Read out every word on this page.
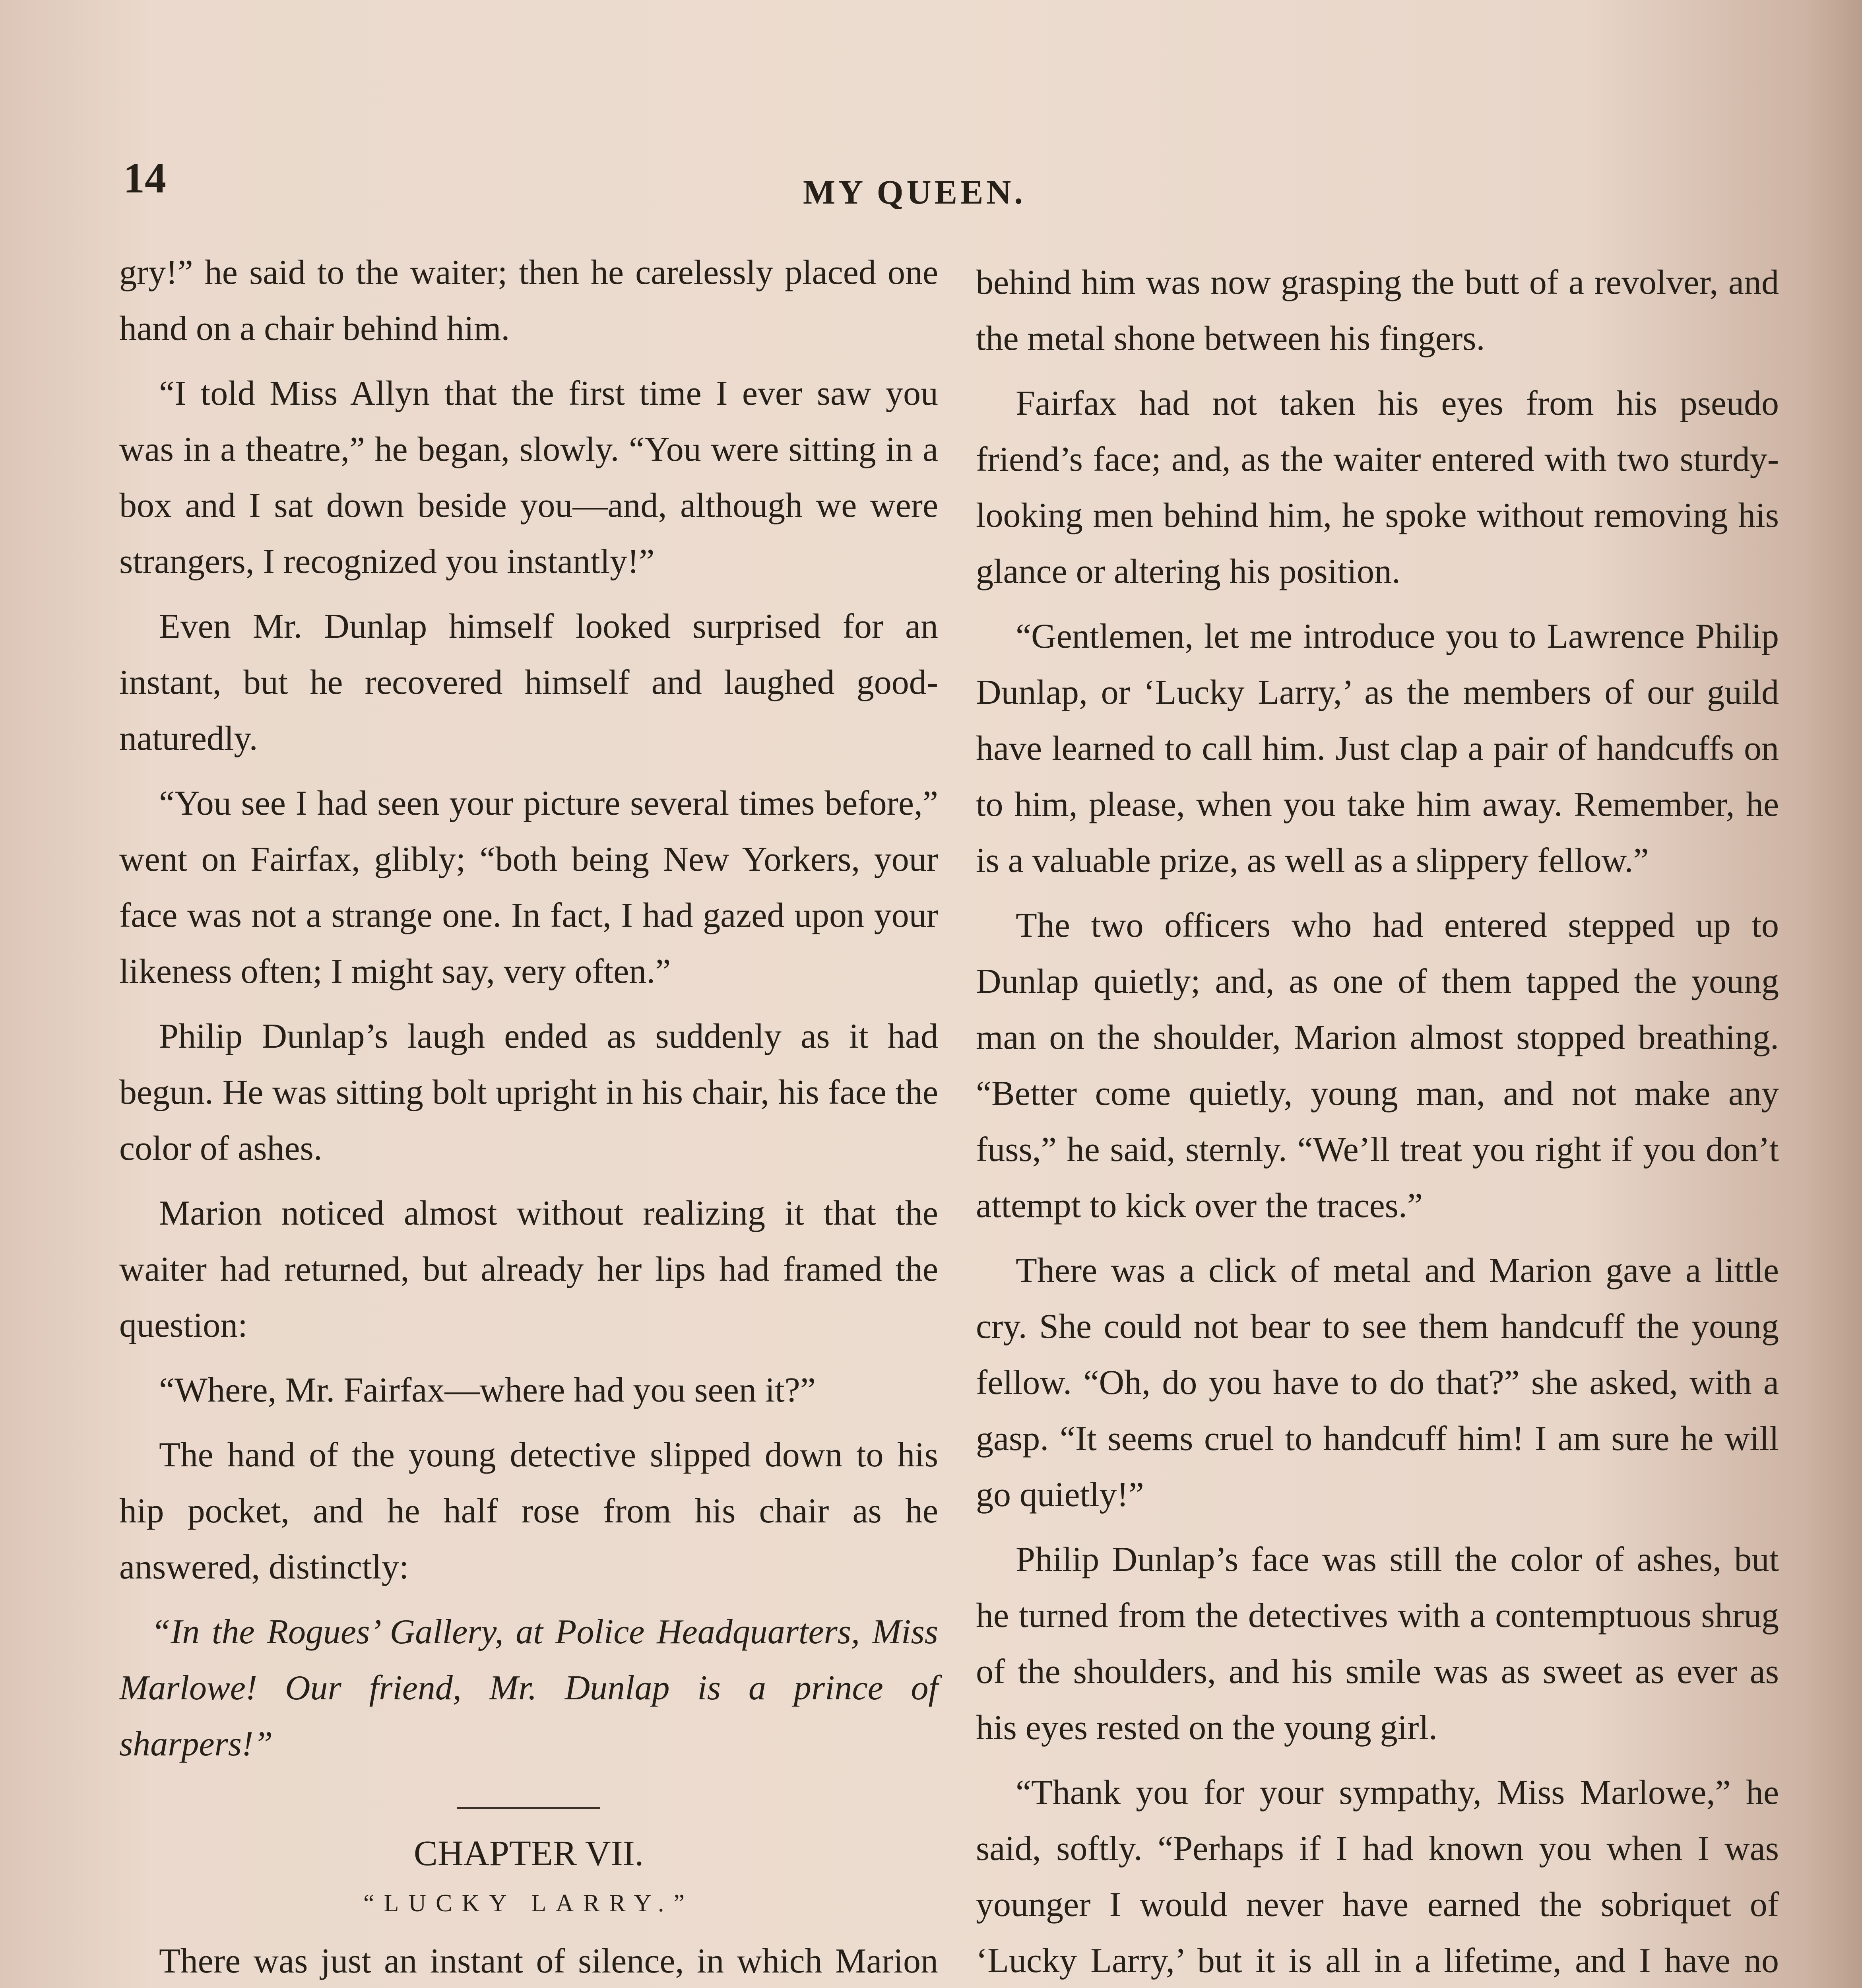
14	MY QUEEN.

gry!” he said to the waiter; then he carelessly placed one hand on a chair behind him.

“I told Miss Allyn that the first time I ever saw you was in a theatre,” he began, slowly. “You were sitting in a box and I sat down beside you—and, although we were strangers, I recognized you instantly!”

Even Mr. Dunlap himself looked surprised for an instant, but he recovered himself and laughed good-naturedly.

“You see I had seen your picture several times before,” went on Fairfax, glibly; “both being New Yorkers, your face was not a strange one. In fact, I had gazed upon your likeness often; I might say, very often.”

Philip Dunlap’s laugh ended as suddenly as it had begun. He was sitting bolt upright in his chair, his face the color of ashes.

Marion noticed almost without realizing it that the waiter had returned, but already her lips had framed the question:

“Where, Mr. Fairfax—where had you seen it?”

The hand of the young detective slipped down to his hip pocket, and he half rose from his chair as he answered, distinctly:

“In the Rogues’ Gallery, at Police Headquarters, Miss Marlowe! Our friend, Mr. Dunlap is a prince of sharpers!”

CHAPTER VII.
“LUCKY LARRY.”

There was just an instant of silence, in which Marion

behind him was now grasping the butt of a revolver, and the metal shone between his fingers.

Fairfax had not taken his eyes from his pseudo friend’s face; and, as the waiter entered with two sturdy-looking men behind him, he spoke without removing his glance or altering his position.

“Gentlemen, let me introduce you to Lawrence Philip Dunlap, or ‘Lucky Larry,’ as the members of our guild have learned to call him. Just clap a pair of handcuffs on to him, please, when you take him away. Remember, he is a valuable prize, as well as a slippery fellow.”

The two officers who had entered stepped up to Dunlap quietly; and, as one of them tapped the young man on the shoulder, Marion almost stopped breathing. “Better come quietly, young man, and not make any fuss,” he said, sternly. “We’ll treat you right if you don’t attempt to kick over the traces.”

There was a click of metal and Marion gave a little cry. She could not bear to see them handcuff the young fellow. “Oh, do you have to do that?” she asked, with a gasp. “It seems cruel to handcuff him! I am sure he will go quietly!”

Philip Dunlap’s face was still the color of ashes, but he turned from the detectives with a contemptuous shrug of the shoulders, and his smile was as sweet as ever as his eyes rested on the young girl.

“Thank you for your sympathy, Miss Marlowe,” he said, softly. “Perhaps if I had known you when I was younger I would never have earned the sobriquet of ‘Lucky Larry,’ but it is all in a lifetime, and I have no
